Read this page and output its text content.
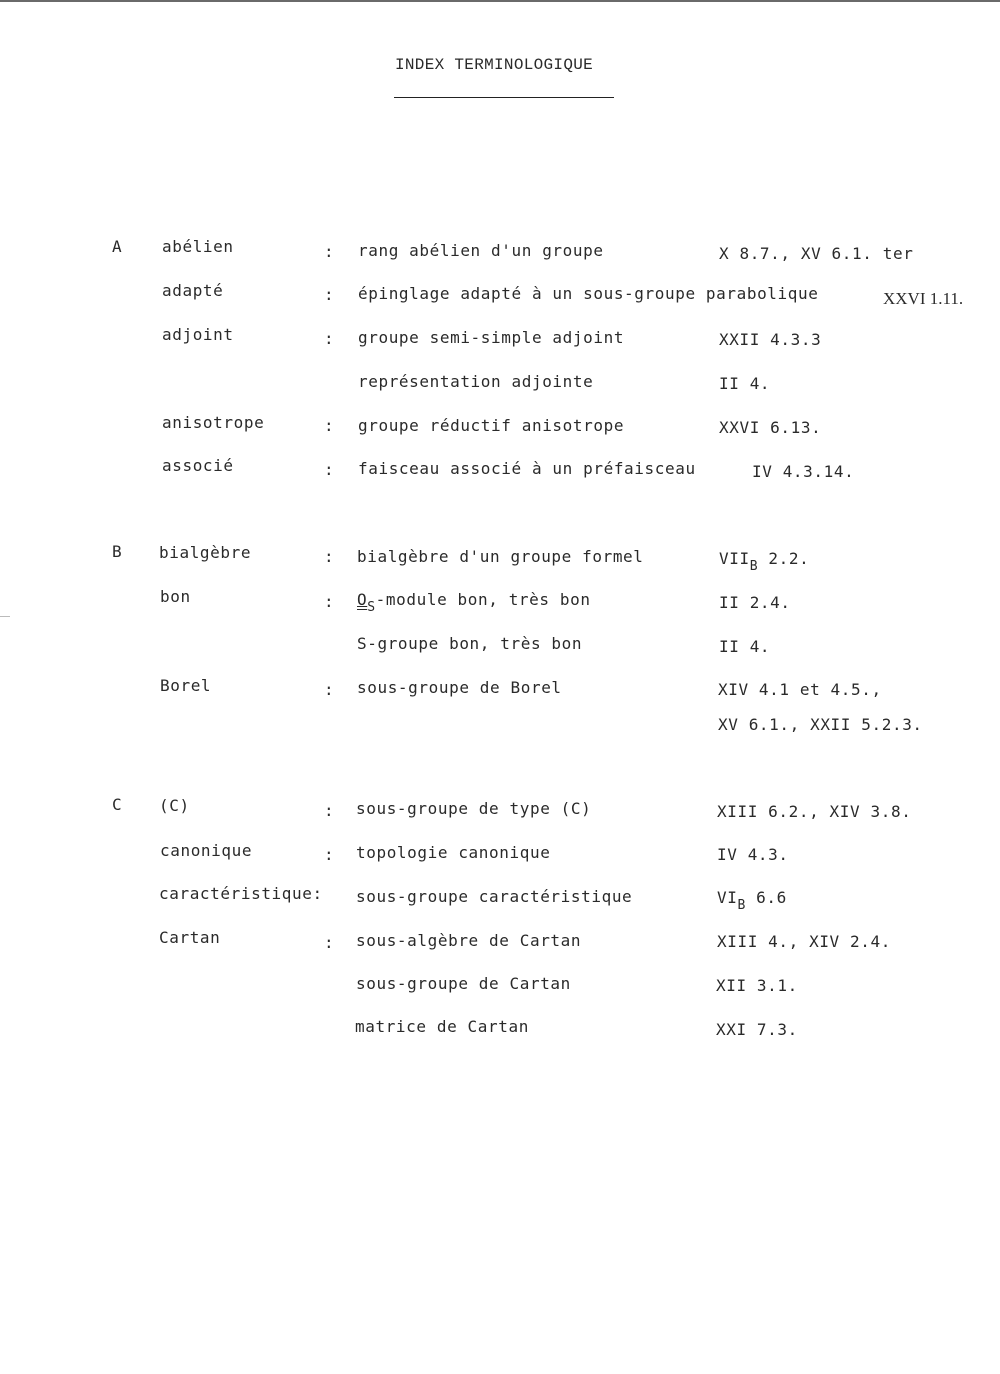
INDEX TERMINOLOGIQUE
A abélien	: rang abélien d'un groupe	X 8.7., XV 6.1. ter
adapté	: épinglage adapté à un sous-groupe parabolique	XXVI 1.11.
adjoint	: groupe semi-simple adjoint	XXII 4.3.3
représentation adjointe	II 4.
anisotrope	: groupe réductif anisotrope	XXVI 6.13.
associé	: faisceau associé à un préfaisceau	IV 4.3.14.
B bialgèbre	: bialgèbre d'un groupe formel	$VII_B$ 2.2.
bon	: $O_S$-module bon, très bon	II 2.4.
S-groupe bon, très bon	II 4.
Borel	: sous-groupe de Borel	XIV 4.1 et 4.5.,
XV 6.1., XXII 5.2.3.
C (C)	: sous-groupe de type (C)	XIII 6.2., XIV 3.8.
canonique	: topologie canonique	IV 4.3.
caractéristique: sous-groupe caractéristique	$VI_B$ 6.6
Cartan	: sous-algèbre de Cartan	XIII 4., XIV 2.4.
sous-groupe de Cartan	XII 3.1.
matrice de Cartan	XXI 7.3.
